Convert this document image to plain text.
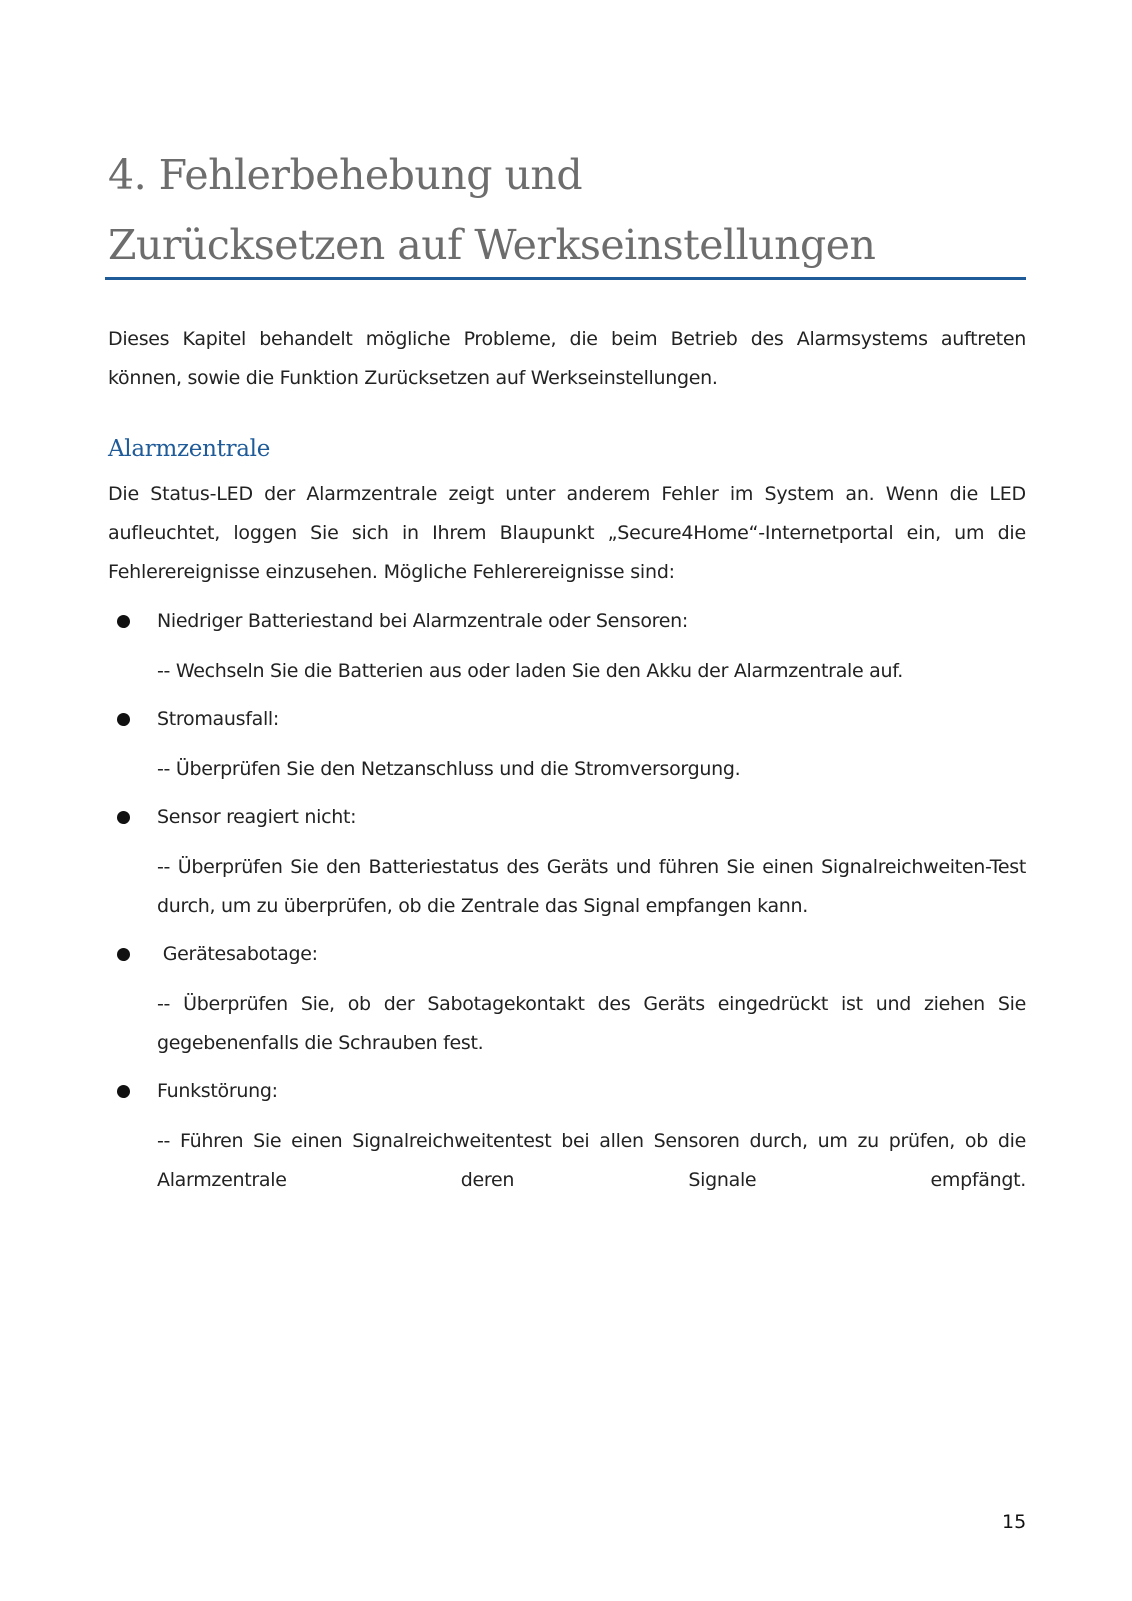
4. Fehlerbehebung und
Zurücksetzen auf Werkseinstellungen

Dieses Kapitel behandelt mögliche Probleme, die beim Betrieb des Alarmsystems auftreten können, sowie die Funktion Zurücksetzen auf Werkseinstellungen.

Alarmzentrale

Die Status-LED der Alarmzentrale zeigt unter anderem Fehler im System an. Wenn die LED aufleuchtet, loggen Sie sich in Ihrem Blaupunkt „Secure4Home“-Internetportal ein, um die Fehlerereignisse einzusehen. Mögliche Fehlerereignisse sind:

Niedriger Batteriestand bei Alarmzentrale oder Sensoren:
-- Wechseln Sie die Batterien aus oder laden Sie den Akku der Alarmzentrale auf.
Stromausfall:
-- Überprüfen Sie den Netzanschluss und die Stromversorgung.
Sensor reagiert nicht:
-- Überprüfen Sie den Batteriestatus des Geräts und führen Sie einen Signalreichweiten-Test durch, um zu überprüfen, ob die Zentrale das Signal empfangen kann.
Gerätesabotage:
-- Überprüfen Sie, ob der Sabotagekontakt des Geräts eingedrückt ist und ziehen Sie gegebenenfalls die Schrauben fest.
Funkstörung:
-- Führen Sie einen Signalreichweitentest bei allen Sensoren durch, um zu prüfen, ob die Alarmzentrale deren Signale empfängt.
15
